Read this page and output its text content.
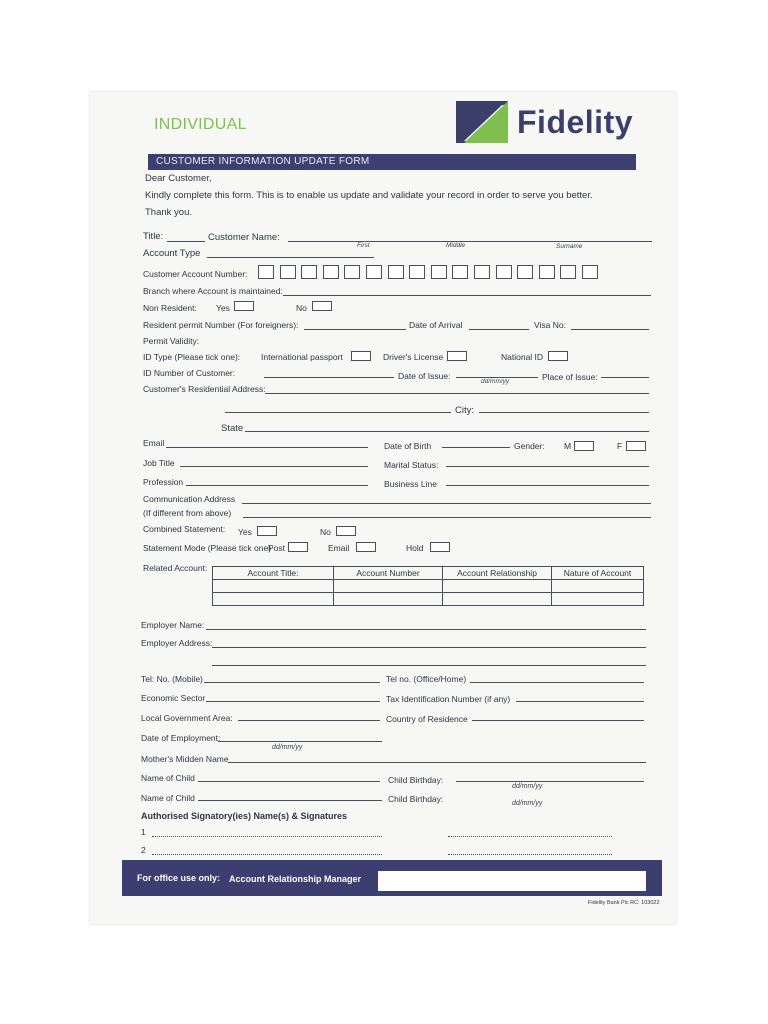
INDIVIDUAL	Fidelity
CUSTOMER INFORMATION UPDATE FORM
Dear Customer,
Kindly complete this form. This is to enable us update and validate your record in order to serve you better.
Thank you.
Title:	Customer Name:
First	Middle	Surname
Account Type
Customer Account Number:
Branch where Account is maintained:
Non Resident: Yes	No
Resident permit Number (For foreigners):	Date of Arrival	Visa No:
Permit Validity:
ID Type (Please tick one): International passport	Driver's License	National ID
ID Number of Customer:	Date of Issue:
dd/mm/yy	Place of Issue:
Customer's Residential Address:
City:
State
Email	Date of Birth	Gender: M	F
Job Title	Marital Status:
Profession	Business Line
Communication Address
(If different from above)
Combined Statement: Yes	No
Statement Mode (Please tick one)
Post	Email	Hold
Related Account:	Account Title:	Account Number	Account Relationship	Nature of Account

Employer Name:
Employer Address:
Tel: No. (Mobile)	Tel no. (Office/Home)
Economic Sector	Tax Identification Number (if any)
Local Government Area:	Country of Residence
Date of Employment:
dd/mm/yy
Mother's Midden Name
Name of Child	Child Birthday:
dd/mm/yy
Name of Child	Child Birthday:	dd/mm/yy
Authorised Signatory(ies) Name(s) & Signatures
1
2
For office use only: Account Relationship Manager
Fidelity Bank Plc RC: 103022
